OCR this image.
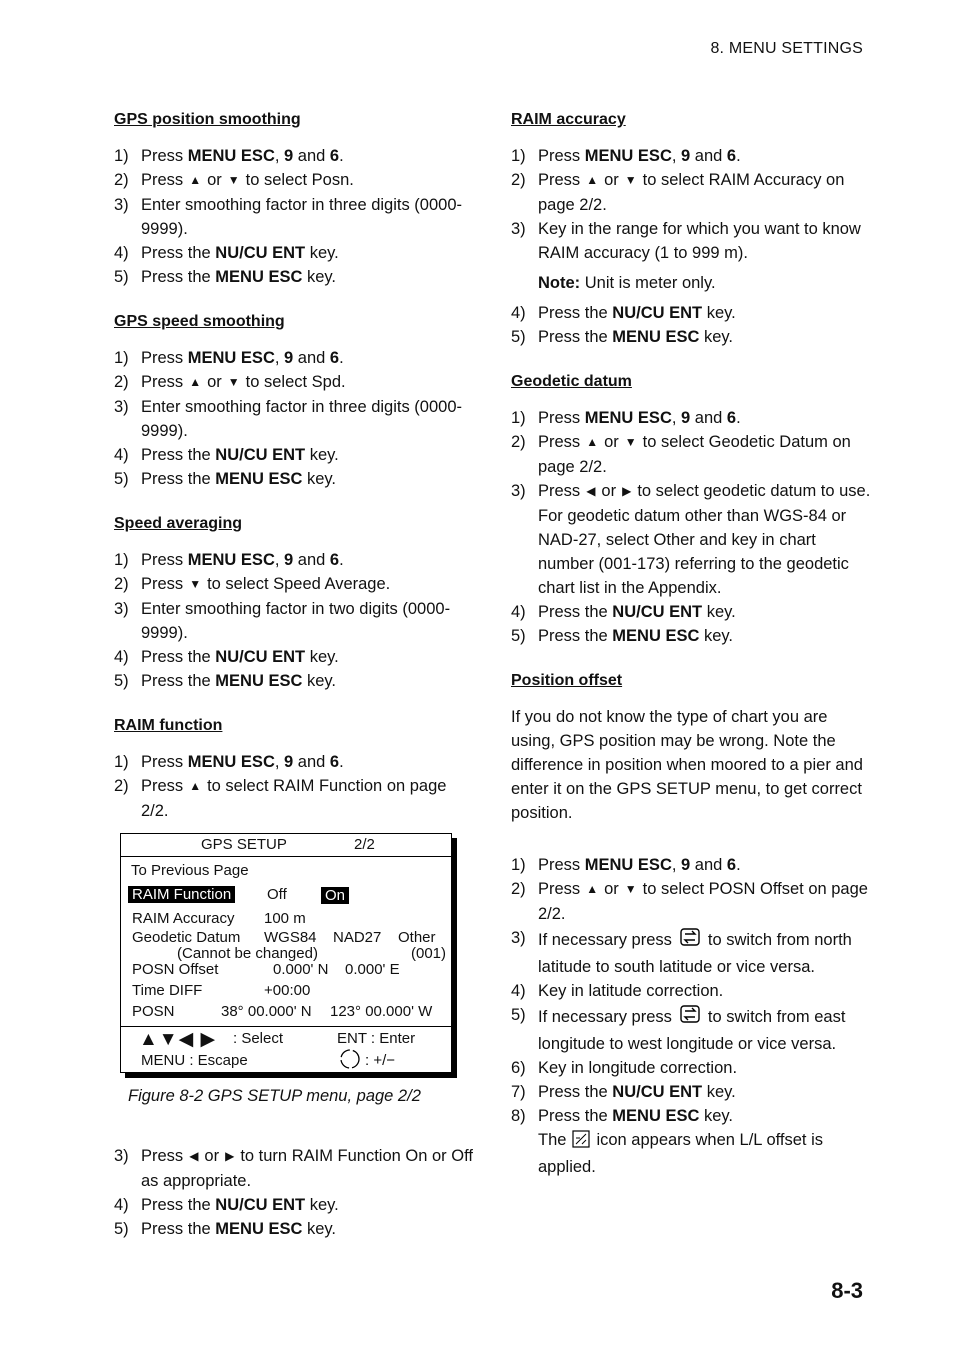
8. MENU SETTINGS
GPS position smoothing
1) Press MENU ESC, 9 and 6.
2) Press ▲ or ▼ to select Posn.
3) Enter smoothing factor in three digits (0000-9999).
4) Press the NU/CU ENT key.
5) Press the MENU ESC key.
GPS speed smoothing
1) Press MENU ESC, 9 and 6.
2) Press ▲ or ▼ to select Spd.
3) Enter smoothing factor in three digits (0000-9999).
4) Press the NU/CU ENT key.
5) Press the MENU ESC key.
Speed averaging
1) Press MENU ESC, 9 and 6.
2) Press ▼ to select Speed Average.
3) Enter smoothing factor in two digits (0000-9999).
4) Press the NU/CU ENT key.
5) Press the MENU ESC key.
RAIM function
1) Press MENU ESC, 9 and 6.
2) Press ▲ to select RAIM Function on page 2/2.
GPS SETUP	2/2
To Previous Page
RAIM Function Off	On
RAIM Accuracy 100 m
Geodetic Datum WGS84 NAD27 Other
(Cannot be changed)	(001)
POSN Offset	0.000' N 0.000' E
Time DIFF	+00:00
POSN	38° 00.000' N 123° 00.000' W
▲▼◀ ▶ : Select	ENT : Enter
MENU : Escape	: +/−
Figure 8-2 GPS SETUP menu, page 2/2
3) Press ◀ or ▶ to turn RAIM Function On or Off as appropriate.
4) Press the NU/CU ENT key.
5) Press the MENU ESC key.
RAIM accuracy
1) Press MENU ESC, 9 and 6.
2) Press ▲ or ▼ to select RAIM Accuracy on page 2/2.
3) Key in the range for which you want to know RAIM accuracy (1 to 999 m).
Note: Unit is meter only.
4) Press the NU/CU ENT key.
5) Press the MENU ESC key.
Geodetic datum
1) Press MENU ESC, 9 and 6.
2) Press ▲ or ▼ to select Geodetic Datum on page 2/2.
3) Press ◀ or ▶ to select geodetic datum to use. For geodetic datum other than WGS-84 or NAD-27, select Other and key in chart number (001-173) referring to the geodetic chart list in the Appendix.
4) Press the NU/CU ENT key.
5) Press the MENU ESC key.
Position offset

If you do not know the type of chart you are using, GPS position may be wrong. Note the difference in position when moored to a pier and enter it on the GPS SETUP menu, to get correct position.

1) Press MENU ESC, 9 and 6.
2) Press ▲ or ▼ to select POSN Offset on page 2/2.
3) If necessary press to switch from north latitude to south latitude or vice versa.
4) Key in latitude correction.
5) If necessary press to switch from east longitude to west longitude or vice versa.
6) Key in longitude correction.
7) Press the NU/CU ENT key.
8) Press the MENU ESC key.
The icon appears when L/L offset is applied.
8-3
